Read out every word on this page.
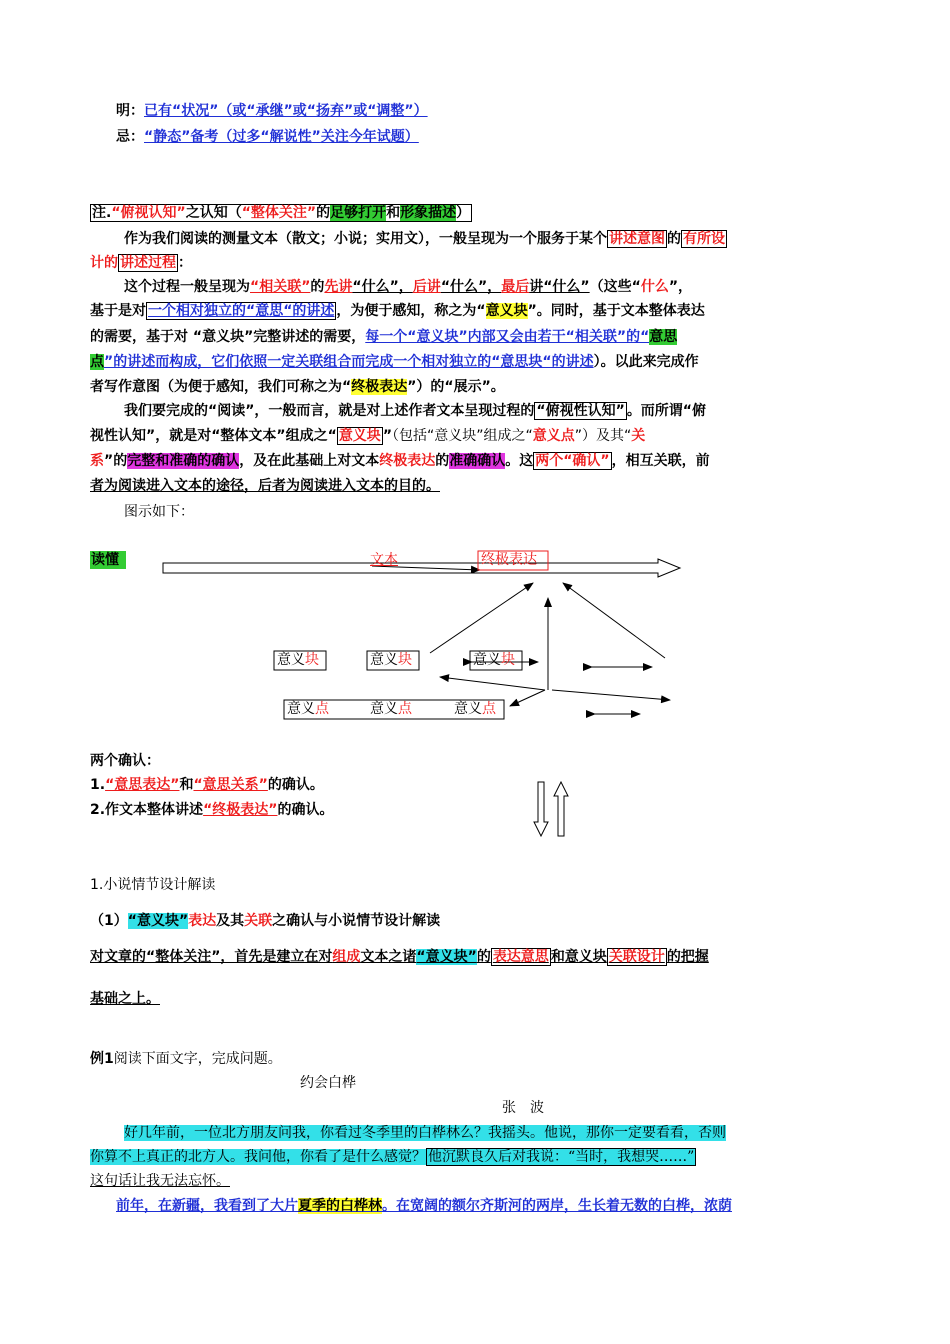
明：已有“状况”（或“承继”或“扬弃”或“调整”）
忌：“静态”备考（过多“解说性”关注今年试题）
注.“俯视认知”之认知（“整体关注”的足够打开和形象描述）
作为我们阅读的测量文本（散文；小说；实用文），一般呈现为一个服务于某个 讲述意图 的 有所设
计的 讲述过程 ：
这个过程一般呈现为“相关联”的先讲“什么”，后讲“什么”，最后讲“什么”（这些“什么”，
基于是对 一个相对独立的“意思“的讲述 ，为便于感知，称之为“意义块”。同时，基于文本整体表达
的需要，基于对 “意义块”完整讲述的需要，每一个“意义块”内部又会由若干“相关联”的“意思
点”的讲述而构成，它们依照一定关联组合而完成一个相对独立的“意思块“的讲述）。以此来完成作
者写作意图（为便于感知，我们可称之为“终极表达”）的“展示”。
我们要完成的“阅读”，一般而言，就是对上述作者文本呈现过程的 “俯视性认知” 。而所谓“俯
视性认知”，就是对“整体文本”组成之“ 意义块 ”（包括“意义块”组成之“意义点”）及其“关
系”的完整和准确的确认，及在此基础上对文本终极表达的准确确认。这 两个“确认” ，相互关联，前
者为阅读进入文本的途径，后者为阅读进入文本的目的。
图示如下：
读懂	文本	终极表达
意义块	意义块	意义块
意义点	意义点	意义点
两个确认：
1.“意思表达”和“意思关系”的确认。
2.作文本整体讲述“终极表达”的确认。
1.小说情节设计解读
（1）“意义块”表达及其关联之确认与小说情节设计解读
对文章的“整体关注”，首先是建立在对组成文本之诸“意义块”的 表达意思 和意义块 关联设计 的把握
基础之上。
例1阅读下面文字，完成问题。
约会白桦
张　波
好几年前，一位北方朋友问我，你看过冬季里的白桦林么？我摇头。他说，那你一定要看看，否则
你算不上真正的北方人。我问他，你看了是什么感觉？ 他沉默良久后对我说：“当时，我想哭……”
这句话让我无法忘怀。
前年，在新疆，我看到了大片夏季的白桦林。在宽阔的额尔齐斯河的两岸，生长着无数的白桦，浓荫
